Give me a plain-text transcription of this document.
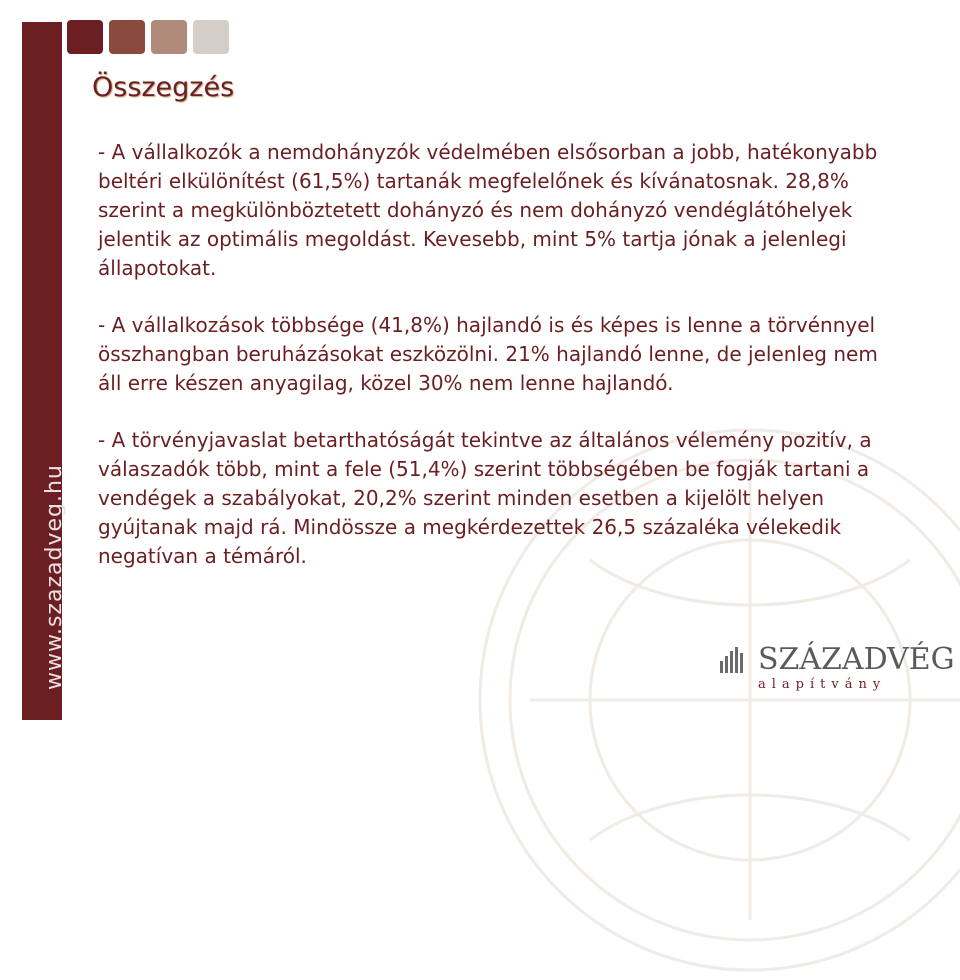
www.szazadveg.hu
Összegzés

- A vállalkozók a nemdohányzók védelmében elsősorban a jobb, hatékonyabb beltéri elkülönítést (61,5%) tartanák megfelelőnek és kívánatosnak. 28,8% szerint a megkülönböztetett dohányzó és nem dohányzó vendéglátóhelyek jelentik az optimális megoldást. Kevesebb, mint 5% tartja jónak a jelenlegi állapotokat.

- A vállalkozások többsége (41,8%) hajlandó is és képes is lenne a törvénnyel összhangban beruházásokat eszközölni. 21% hajlandó lenne, de jelenleg nem áll erre készen anyagilag, közel 30% nem lenne hajlandó.

- A törvényjavaslat betarthatóságát tekintve az általános vélemény pozitív, a válaszadók több, mint a fele (51,4%) szerint többségében be fogják tartani a vendégek a szabályokat, 20,2% szerint minden esetben a kijelölt helyen gyújtanak majd rá. Mindössze a megkérdezettek 26,5 százaléka vélekedik negatívan a témáról.

SZÁZADVÉG
alapítvány
